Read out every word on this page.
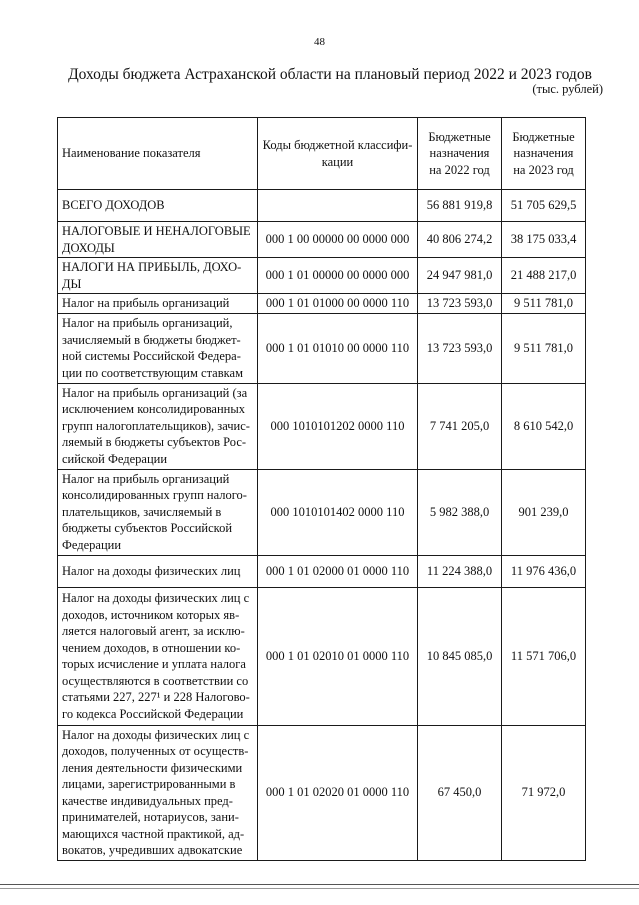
48
Доходы бюджета Астраханской области на плановый период 2022 и 2023 годов
(тыс. рублей)
Наименование показателя	Коды бюджетной классификации	Бюджетные назначения на 2022 год	Бюджетные назначения на 2023 год
ВСЕГО ДОХОДОВ		56 881 919,8	51 705 629,5
НАЛОГОВЫЕ И НЕНАЛОГОВЫЕ ДОХОДЫ	000 1 00 00000 00 0000 000	40 806 274,2	38 175 033,4
НАЛОГИ НА ПРИБЫЛЬ, ДОХОДЫ	000 1 01 00000 00 0000 000	24 947 981,0	21 488 217,0
Налог на прибыль организаций	000 1 01 01000 00 0000 110	13 723 593,0	9 511 781,0
Налог на прибыль организаций, зачисляемый в бюджеты бюджетной системы Российской Федерации по соответствующим ставкам	000 1 01 01010 00 0000 110	13 723 593,0	9 511 781,0
Налог на прибыль организаций (за исключением консолидированных групп налогоплательщиков), зачисляемый в бюджеты субъектов Российской Федерации	000 1010101202 0000 110	7 741 205,0	8 610 542,0
Налог на прибыль организаций консолидированных групп налогоплательщиков, зачисляемый в бюджеты субъектов Российской Федерации	000 1010101402 0000 110	5 982 388,0	901 239,0
Налог на доходы физических лиц	000 1 01 02000 01 0000 110	11 224 388,0	11 976 436,0
Налог на доходы физических лиц с доходов, источником которых является налоговый агент, за исключением доходов, в отношении которых исчисление и уплата налога осуществляются в соответствии со статьями 227, 227¹ и 228 Налогового кодекса Российской Федерации	000 1 01 02010 01 0000 110	10 845 085,0	11 571 706,0
Налог на доходы физических лиц с доходов, полученных от осуществления деятельности физическими лицами, зарегистрированными в качестве индивидуальных предпринимателей, нотариусов, занимающихся частной практикой, адвокатов, учредивших адвокатские	000 1 01 02020 01 0000 110	67 450,0	71 972,0
